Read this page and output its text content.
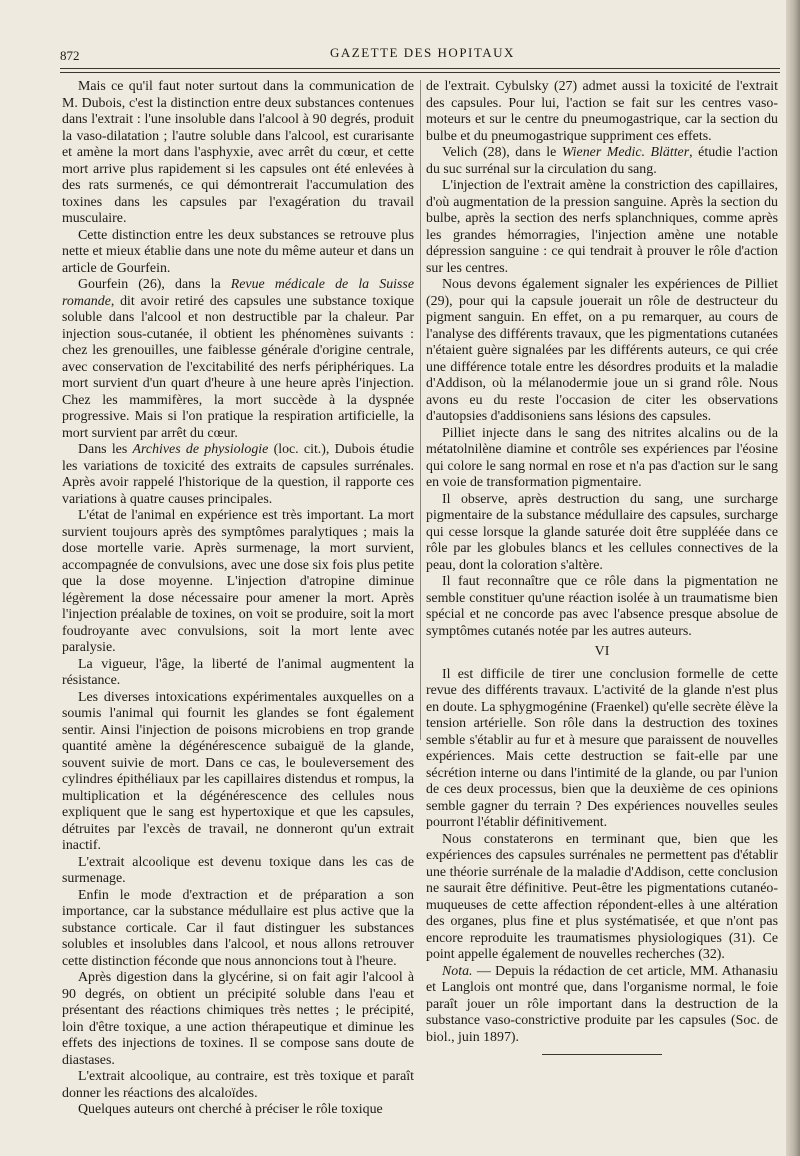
872	GAZETTE DES HOPITAUX

Mais ce qu'il faut noter surtout dans la communication de M. Dubois, c'est la distinction entre deux substances contenues dans l'extrait : l'une insoluble dans l'alcool à 90 degrés, produit la vaso-dilatation ; l'autre soluble dans l'alcool, est curarisante et amène la mort dans l'asphyxie, avec arrêt du cœur, et cette mort arrive plus rapidement si les capsules ont été enlevées à des rats surmenés, ce qui démontrerait l'accumulation des toxines dans les capsules par l'exagération du travail musculaire.

Cette distinction entre les deux substances se retrouve plus nette et mieux établie dans une note du même auteur et dans un article de Gourfein.

Gourfein (26), dans la Revue médicale de la Suisse romande, dit avoir retiré des capsules une substance toxique soluble dans l'alcool et non destructible par la chaleur. Par injection sous-cutanée, il obtient les phénomènes suivants : chez les grenouilles, une faiblesse générale d'origine centrale, avec conservation de l'excitabilité des nerfs périphériques. La mort survient d'un quart d'heure à une heure après l'injection. Chez les mammifères, la mort succède à la dyspnée progressive. Mais si l'on pratique la respiration artificielle, la mort survient par arrêt du cœur.

Dans les Archives de physiologie (loc. cit.), Dubois étudie les variations de toxicité des extraits de capsules surrénales. Après avoir rappelé l'historique de la question, il rapporte ces variations à quatre causes principales.

L'état de l'animal en expérience est très important. La mort survient toujours après des symptômes paralytiques ; mais la dose mortelle varie. Après surmenage, la mort survient, accompagnée de convulsions, avec une dose six fois plus petite que la dose moyenne. L'injection d'atropine diminue légèrement la dose nécessaire pour amener la mort. Après l'injection préalable de toxines, on voit se produire, soit la mort foudroyante avec convulsions, soit la mort lente avec paralysie.

La vigueur, l'âge, la liberté de l'animal augmentent la résistance.

Les diverses intoxications expérimentales auxquelles on a soumis l'animal qui fournit les glandes se font également sentir. Ainsi l'injection de poisons microbiens en trop grande quantité amène la dégénérescence subaiguë de la glande, souvent suivie de mort. Dans ce cas, le bouleversement des cylindres épithéliaux par les capillaires distendus et rompus, la multiplication et la dégénérescence des cellules nous expliquent que le sang est hypertoxique et que les capsules, détruites par l'excès de travail, ne donneront qu'un extrait inactif.

L'extrait alcoolique est devenu toxique dans les cas de surmenage.

Enfin le mode d'extraction et de préparation a son importance, car la substance médullaire est plus active que la substance corticale. Car il faut distinguer les substances solubles et insolubles dans l'alcool, et nous allons retrouver cette distinction féconde que nous annoncions tout à l'heure.

Après digestion dans la glycérine, si on fait agir l'alcool à 90 degrés, on obtient un précipité soluble dans l'eau et présentant des réactions chimiques très nettes ; le précipité, loin d'être toxique, a une action thérapeutique et diminue les effets des injections de toxines. Il se compose sans doute de diastases.

L'extrait alcoolique, au contraire, est très toxique et paraît donner les réactions des alcaloïdes.

Quelques auteurs ont cherché à préciser le rôle toxique

de l'extrait. Cybulsky (27) admet aussi la toxicité de l'extrait des capsules. Pour lui, l'action se fait sur les centres vaso-moteurs et sur le centre du pneumogastrique, car la section du bulbe et du pneumogastrique suppriment ces effets.

Velich (28), dans le Wiener Medic. Blätter, étudie l'action du suc surrénal sur la circulation du sang.

L'injection de l'extrait amène la constriction des capillaires, d'où augmentation de la pression sanguine. Après la section du bulbe, après la section des nerfs splanchniques, comme après les grandes hémorragies, l'injection amène une notable dépression sanguine : ce qui tendrait à prouver le rôle d'action sur les centres.

Nous devons également signaler les expériences de Pilliet (29), pour qui la capsule jouerait un rôle de destructeur du pigment sanguin. En effet, on a pu remarquer, au cours de l'analyse des différents travaux, que les pigmentations cutanées n'étaient guère signalées par les différents auteurs, ce qui crée une différence totale entre les désordres produits et la maladie d'Addison, où la mélanodermie joue un si grand rôle. Nous avons eu du reste l'occasion de citer les observations d'autopsies d'addisoniens sans lésions des capsules.

Pilliet injecte dans le sang des nitrites alcalins ou de la métatolnilène diamine et contrôle ses expériences par l'éosine qui colore le sang normal en rose et n'a pas d'action sur le sang en voie de transformation pigmentaire.

Il observe, après destruction du sang, une surcharge pigmentaire de la substance médullaire des capsules, surcharge qui cesse lorsque la glande saturée doit être suppléée dans ce rôle par les globules blancs et les cellules connectives de la peau, dont la coloration s'altère.

Il faut reconnaître que ce rôle dans la pigmentation ne semble constituer qu'une réaction isolée à un traumatisme bien spécial et ne concorde pas avec l'absence presque absolue de symptômes cutanés notée par les autres auteurs.

VI

Il est difficile de tirer une conclusion formelle de cette revue des différents travaux. L'activité de la glande n'est plus en doute. La sphygmogénine (Fraenkel) qu'elle secrète élève la tension artérielle. Son rôle dans la destruction des toxines semble s'établir au fur et à mesure que paraissent de nouvelles expériences. Mais cette destruction se fait-elle par une sécrétion interne ou dans l'intimité de la glande, ou par l'union de ces deux processus, bien que la deuxième de ces opinions semble gagner du terrain ? Des expériences nouvelles seules pourront l'établir définitivement.

Nous constaterons en terminant que, bien que les expériences des capsules surrénales ne permettent pas d'établir une théorie surrénale de la maladie d'Addison, cette conclusion ne saurait être définitive. Peut-être les pigmentations cutanéo-muqueuses de cette affection répondent-elles à une altération des organes, plus fine et plus systématisée, et que n'ont pas encore reproduite les traumatismes physiologiques (31). Ce point appelle également de nouvelles recherches (32).

Nota. — Depuis la rédaction de cet article, MM. Athanasiu et Langlois ont montré que, dans l'organisme normal, le foie paraît jouer un rôle important dans la destruction de la substance vaso-constrictive produite par les capsules (Soc. de biol., juin 1897).
